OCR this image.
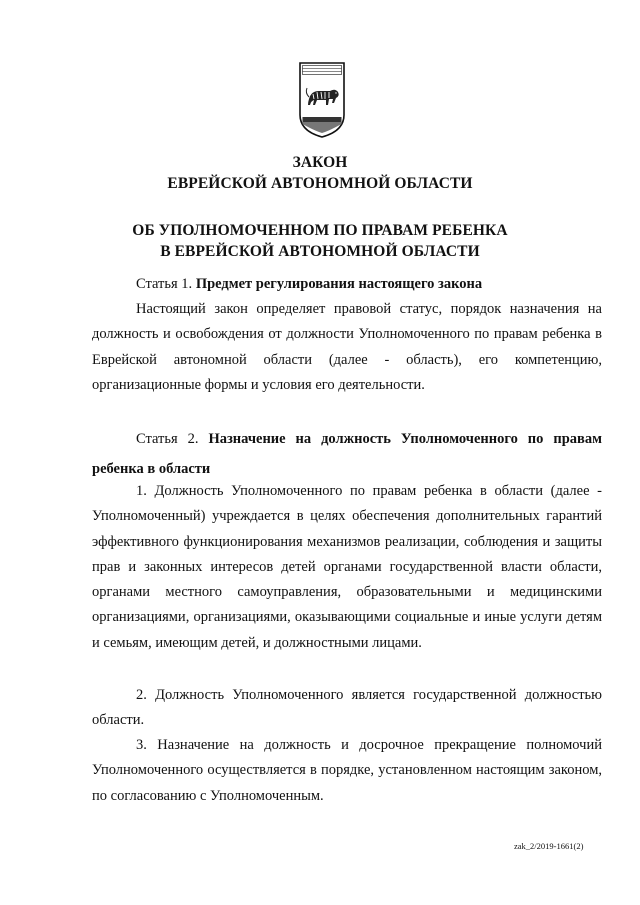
ЗАКОН
ЕВРЕЙСКОЙ АВТОНОМНОЙ ОБЛАСТИ
ОБ УПОЛНОМОЧЕННОМ ПО ПРАВАМ РЕБЕНКА
В ЕВРЕЙСКОЙ АВТОНОМНОЙ ОБЛАСТИ
Статья 1. Предмет регулирования настоящего закона

Настоящий закон определяет правовой статус, порядок назначения на должность и освобождения от должности Уполномоченного по правам ребенка в Еврейской автономной области (далее - область), его компетенцию, организационные формы и условия его деятельности.

Статья 2. Назначение на должность Уполномоченного по правам ребенка в области

1. Должность Уполномоченного по правам ребенка в области (далее - Уполномоченный) учреждается в целях обеспечения дополнительных гарантий эффективного функционирования механизмов реализации, соблюдения и защиты прав и законных интересов детей органами государственной власти области, органами местного самоуправления, образовательными и медицинскими организациями, организациями, оказывающими социальные и иные услуги детям и семьям, имеющим детей, и должностными лицами.

2. Должность Уполномоченного является государственной должностью области.

3. Назначение на должность и досрочное прекращение полномочий Уполномоченного осуществляется в порядке, установленном настоящим законом, по согласованию с Уполномоченным.

zak_2/2019-1661(2)
